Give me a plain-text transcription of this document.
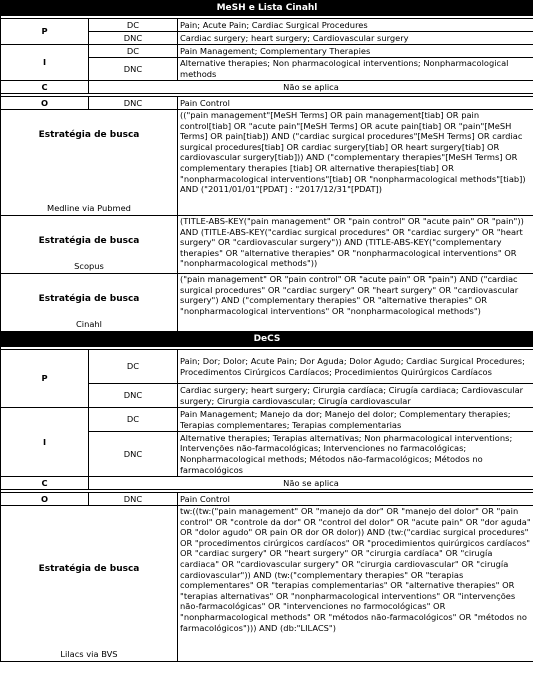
MeSH e Lista Cinahl		

P	DC	Pain; Acute Pain; Cardiac Surgical Procedures
	DNC	Cardiac surgery; heart surgery; Cardiovascular surgery
I	DC	Pain Management; Complementary Therapies
	DNC	Alternative therapies; Non pharmacological interventions; Nonpharmacological methods
C	Não se aplica	

O	DNC	Pain Control

Estratégia de busca
Medline via Pubmed		(("pain management"[MeSH Terms] OR pain management[tiab] OR pain control[tiab] OR "acute pain"[MeSH Terms] OR acute pain[tiab] OR "pain"[MeSH Terms] OR pain[tiab]) AND ("cardiac surgical procedures"[MeSH Terms] OR cardiac surgical procedures[tiab] OR cardiac surgery[tiab] OR heart surgery[tiab] OR cardiovascular surgery[tiab])) AND ("complementary therapies"[MeSH Terms] OR complementary therapies [tiab] OR alternative therapies[tiab] OR "nonpharmacological interventions"[tiab] OR "nonpharmacological methods"[tiab]) AND ("2011/01/01"[PDAT] : "2017/12/31"[PDAT])

Estratégia de busca
Scopus		(TITLE-ABS-KEY("pain management" OR "pain control" OR "acute pain" OR "pain")) AND (TITLE-ABS-KEY("cardiac surgical procedures" OR "cardiac surgery" OR "heart surgery" OR "cardiovascular surgery")) AND (TITLE-ABS-KEY("complementary therapies" OR "alternative therapies" OR "nonpharmacological interventions" OR "nonpharmacological methods"))

Estratégia de busca
Cinahl		("pain management" OR "pain control" OR "acute pain" OR "pain") AND ("cardiac surgical procedures" OR "cardiac surgery" OR "heart surgery" OR "cardiovascular surgery") AND ("complementary therapies" OR "alternative therapies" OR "nonpharmacological interventions" OR "nonpharmacological methods")
DeCS		

P	DC	Pain; Dor; Dolor; Acute Pain; Dor Aguda; Dolor Agudo; Cardiac Surgical Procedures; Procedimentos Cirúrgicos Cardíacos; Procedimientos Quirúrgicos Cardíacos
	DNC	Cardiac surgery; heart surgery; Cirurgia cardíaca; Cirugía cardiaca; Cardiovascular surgery; Cirurgia cardiovascular; Cirugía cardiovascular
I	DC	Pain Management; Manejo da dor; Manejo del dolor; Complementary therapies; Terapias complementares; Terapias complementarias
	DNC	Alternative therapies; Terapias alternativas; Non pharmacological interventions; Intervenções não-farmacológicas; Intervenciones no farmacológicas; Nonpharmacological methods; Métodos não-farmacológicos; Métodos no farmacológicos
C	Não se aplica	

O	DNC	Pain Control

Estratégia de busca
Lilacs via BVS		tw:((tw:("pain management" OR "manejo da dor" OR "manejo del dolor" OR "pain control" OR "controle da dor" OR "control del dolor" OR "acute pain" OR "dor aguda" OR "dolor agudo" OR pain OR dor OR dolor)) AND (tw:("cardiac surgical procedures" OR "procedimentos cirúrgicos cardíacos" OR "procedimientos quirúrgicos cardíacos" OR "cardiac surgery" OR "heart surgery" OR "cirurgia cardíaca" OR "cirugía cardiaca" OR "cardiovascular surgery" OR "cirurgia cardiovascular" OR "cirugía cardiovascular")) AND (tw:("complementary therapies" OR "terapias complementares" OR "terapias complementarias" OR "alternative therapies" OR "terapias alternativas" OR "nonpharmacological interventions" OR "intervenções não-farmacológicas" OR "intervenciones no farmocológicas" OR "nonpharmacological methods" OR "métodos não-farmacológicos" OR "métodos no farmacológicos"))) AND (db:"LILACS")
